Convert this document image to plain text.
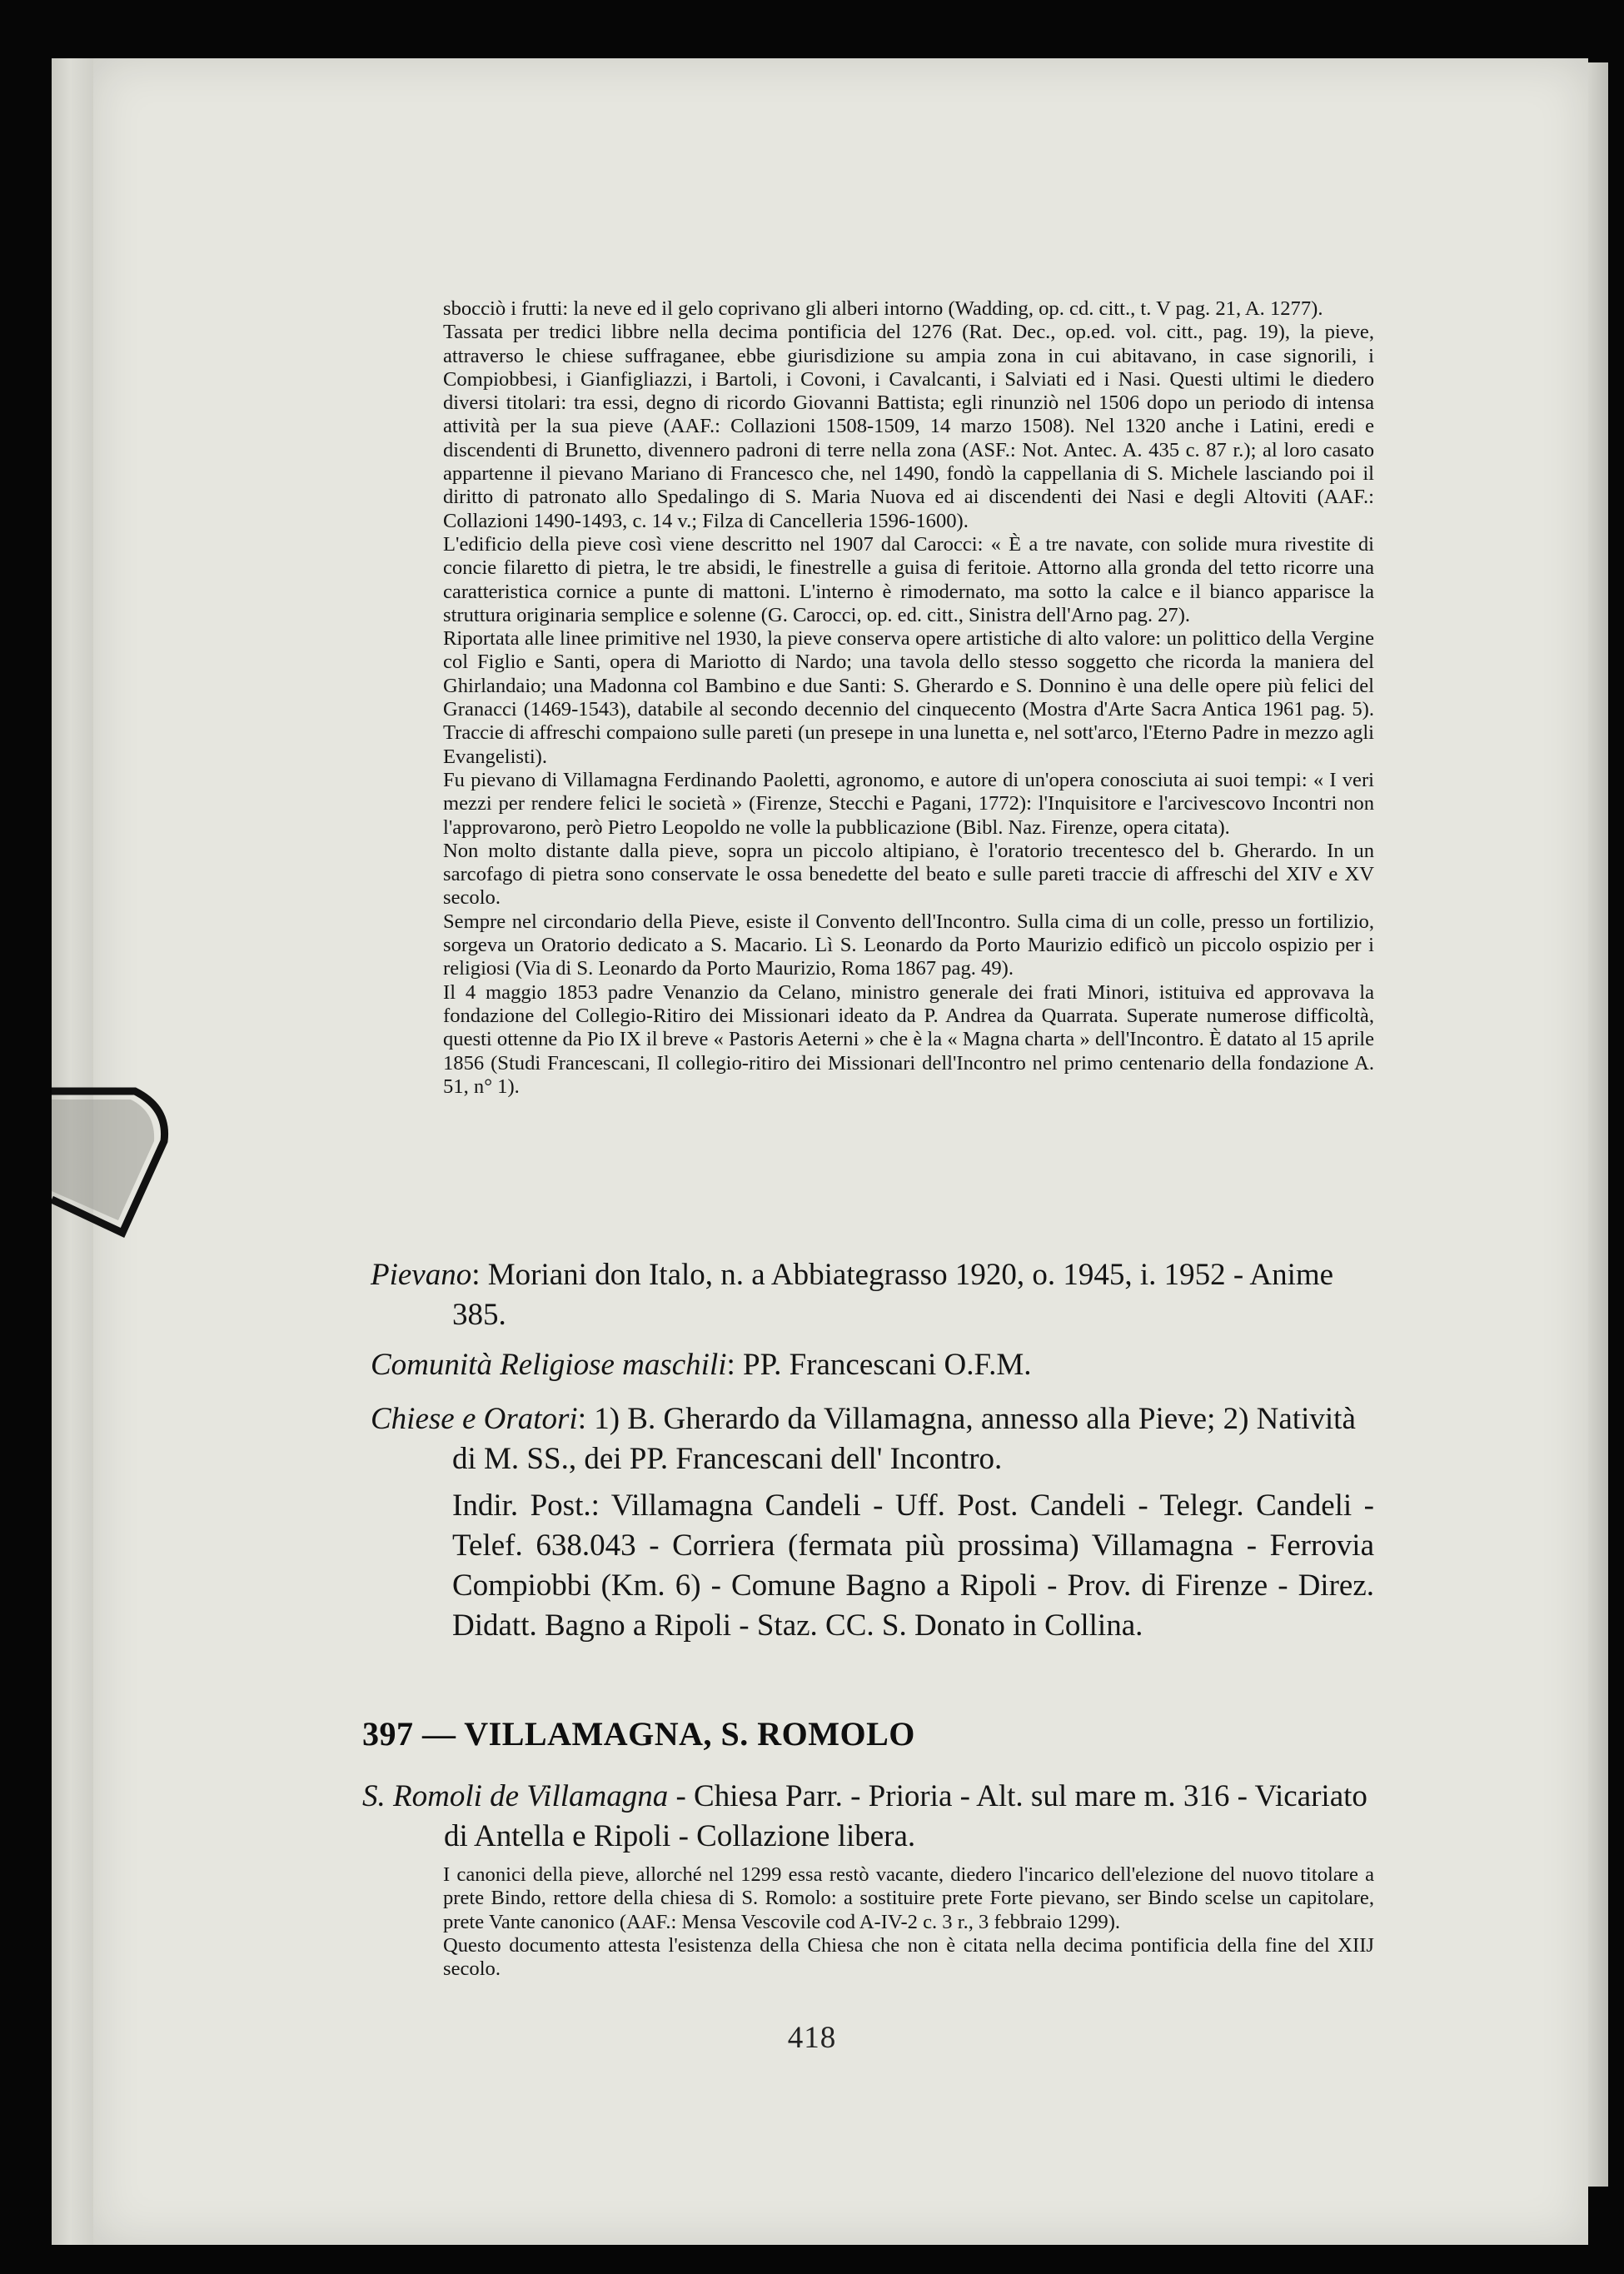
sbocciò i frutti: la neve ed il gelo coprivano gli alberi intorno (Wadding, op. cd. citt., t. V pag. 21, A. 1277).

Tassata per tredici libbre nella decima pontificia del 1276 (Rat. Dec., op.ed. vol. citt., pag. 19), la pieve, attraverso le chiese suffraganee, ebbe giurisdizione su ampia zona in cui abitavano, in case signorili, i Compiobbesi, i Gianfigliazzi, i Bartoli, i Covoni, i Cavalcanti, i Salviati ed i Nasi. Questi ultimi le diedero diversi titolari: tra essi, degno di ricordo Giovanni Battista; egli rinunziò nel 1506 dopo un periodo di intensa attività per la sua pieve (AAF.: Collazioni 1508-1509, 14 marzo 1508). Nel 1320 anche i Latini, eredi e discendenti di Brunetto, divennero padroni di terre nella zona (ASF.: Not. Antec. A. 435 c. 87 r.); al loro casato appartenne il pievano Mariano di Francesco che, nel 1490, fondò la cappellania di S. Michele lasciando poi il diritto di patronato allo Spedalingo di S. Maria Nuova ed ai discendenti dei Nasi e degli Altoviti (AAF.: Collazioni 1490-1493, c. 14 v.; Filza di Cancelleria 1596-1600).

L'edificio della pieve così viene descritto nel 1907 dal Carocci: « È a tre navate, con solide mura rivestite di concie filaretto di pietra, le tre absidi, le finestrelle a guisa di feritoie. Attorno alla gronda del tetto ricorre una caratteristica cornice a punte di mattoni. L'interno è rimodernato, ma sotto la calce e il bianco apparisce la struttura originaria semplice e solenne (G. Carocci, op. ed. citt., Sinistra dell'Arno pag. 27).

Riportata alle linee primitive nel 1930, la pieve conserva opere artistiche di alto valore: un polittico della Vergine col Figlio e Santi, opera di Mariotto di Nardo; una tavola dello stesso soggetto che ricorda la maniera del Ghirlandaio; una Madonna col Bambino e due Santi: S. Gherardo e S. Donnino è una delle opere più felici del Granacci (1469-1543), databile al secondo decennio del cinquecento (Mostra d'Arte Sacra Antica 1961 pag. 5). Traccie di affreschi compaiono sulle pareti (un presepe in una lunetta e, nel sott'arco, l'Eterno Padre in mezzo agli Evangelisti).

Fu pievano di Villamagna Ferdinando Paoletti, agronomo, e autore di un'opera conosciuta ai suoi tempi: « I veri mezzi per rendere felici le società » (Firenze, Stecchi e Pagani, 1772): l'Inquisitore e l'arcivescovo Incontri non l'approvarono, però Pietro Leopoldo ne volle la pubblicazione (Bibl. Naz. Firenze, opera citata).

Non molto distante dalla pieve, sopra un piccolo altipiano, è l'oratorio trecentesco del b. Gherardo. In un sarcofago di pietra sono conservate le ossa benedette del beato e sulle pareti traccie di affreschi del XIV e XV secolo.

Sempre nel circondario della Pieve, esiste il Convento dell'Incontro. Sulla cima di un colle, presso un fortilizio, sorgeva un Oratorio dedicato a S. Macario. Lì S. Leonardo da Porto Maurizio edificò un piccolo ospizio per i religiosi (Via di S. Leonardo da Porto Maurizio, Roma 1867 pag. 49).

Il 4 maggio 1853 padre Venanzio da Celano, ministro generale dei frati Minori, istituiva ed approvava la fondazione del Collegio-Ritiro dei Missionari ideato da P. Andrea da Quarrata. Superate numerose difficoltà, questi ottenne da Pio IX il breve « Pastoris Aeterni » che è la « Magna charta » dell'Incontro. È datato al 15 aprile 1856 (Studi Francescani, Il collegio-ritiro dei Missionari dell'Incontro nel primo centenario della fondazione A. 51, n° 1).

Pievano: Moriani don Italo, n. a Abbiategrasso 1920, o. 1945, i. 1952 - Anime 385.

Comunità Religiose maschili: PP. Francescani O.F.M.

Chiese e Oratori: 1) B. Gherardo da Villamagna, annesso alla Pieve; 2) Natività di M. SS., dei PP. Francescani dell' Incontro.

Indir. Post.: Villamagna Candeli - Uff. Post. Candeli - Telegr. Candeli - Telef. 638.043 - Corriera (fermata più prossima) Villamagna - Ferrovia Compiobbi (Km. 6) - Comune Bagno a Ripoli - Prov. di Firenze - Direz. Didatt. Bagno a Ripoli - Staz. CC. S. Donato in Collina.

397 — VILLAMAGNA, S. ROMOLO

S. Romoli de Villamagna - Chiesa Parr. - Prioria - Alt. sul mare m. 316 - Vicariato di Antella e Ripoli - Collazione libera.

I canonici della pieve, allorché nel 1299 essa restò vacante, diedero l'incarico dell'elezione del nuovo titolare a prete Bindo, rettore della chiesa di S. Romolo: a sostituire prete Forte pievano, ser Bindo scelse un capitolare, prete Vante canonico (AAF.: Mensa Vescovile cod A-IV-2 c. 3 r., 3 febbraio 1299).

Questo documento attesta l'esistenza della Chiesa che non è citata nella decima pontificia della fine del XIIJ secolo.

418
